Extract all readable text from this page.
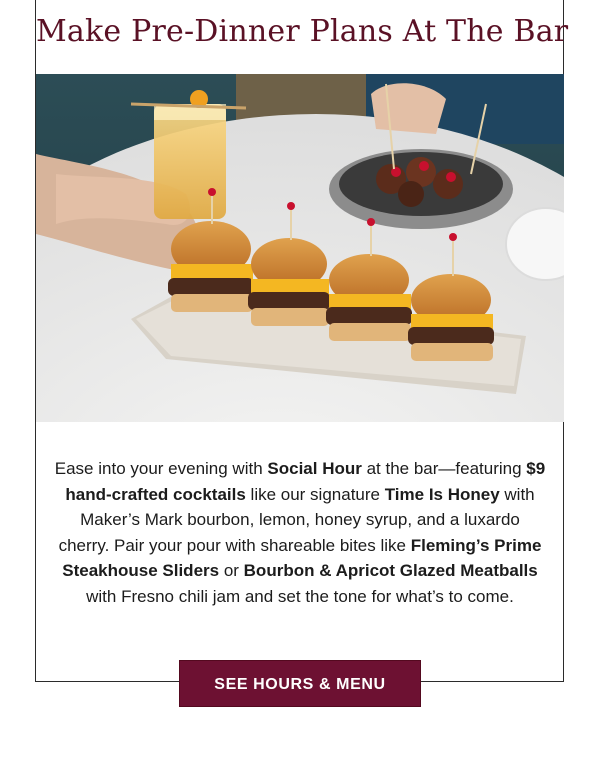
Make Pre-Dinner Plans At The Bar
Ease into your evening with Social Hour at the bar—featuring $9 hand-crafted cocktails like our signature Time Is Honey with Maker’s Mark bourbon, lemon, honey syrup, and a luxardo cherry. Pair your pour with shareable bites like Fleming’s Prime Steakhouse Sliders or Bourbon & Apricot Glazed Meatballs with Fresno chili jam and set the tone for what’s to come.
SEE HOURS & MENU
